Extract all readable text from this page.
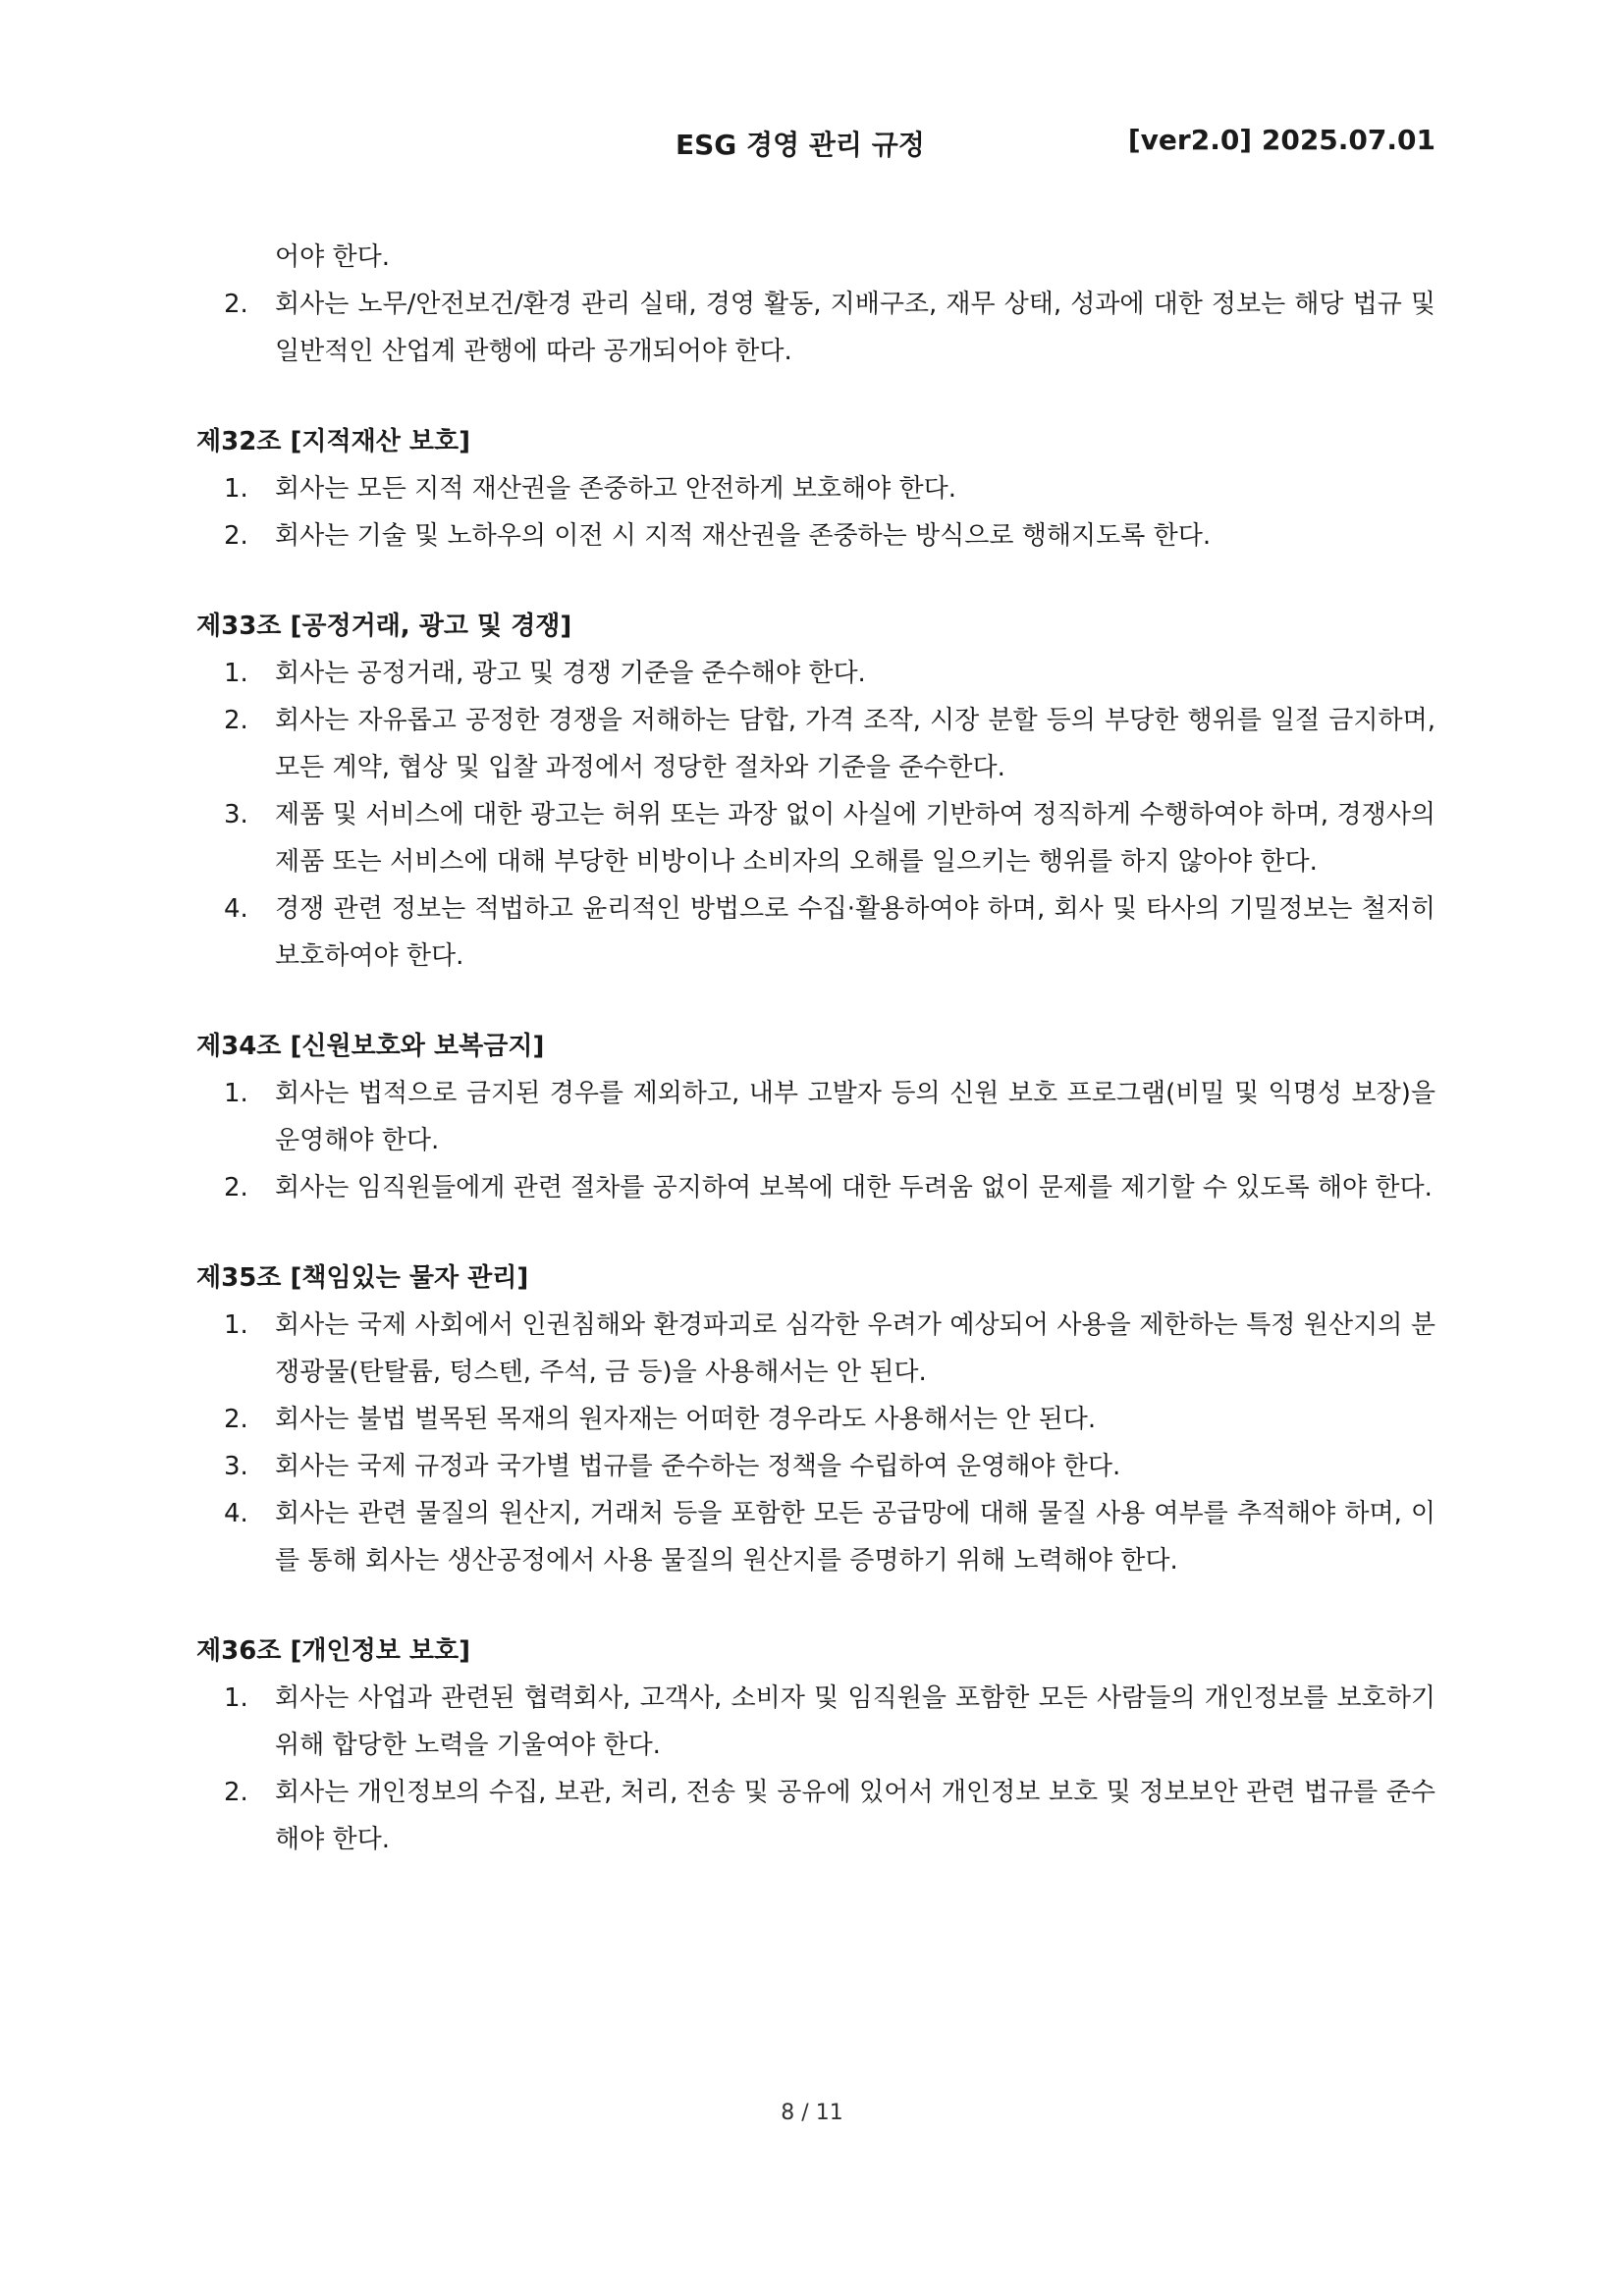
ESG 경영 관리 규정	[ver2.0] 2025.07.01
어야 한다.
2. 회사는 노무/안전보건/환경 관리 실태, 경영 활동, 지배구조, 재무 상태, 성과에 대한 정보는 해당 법규 및 일반적인 산업계 관행에 따라 공개되어야 한다.
제32조 [지적재산 보호]
1. 회사는 모든 지적 재산권을 존중하고 안전하게 보호해야 한다.
2. 회사는 기술 및 노하우의 이전 시 지적 재산권을 존중하는 방식으로 행해지도록 한다.
제33조 [공정거래, 광고 및 경쟁]
1. 회사는 공정거래, 광고 및 경쟁 기준을 준수해야 한다.
2. 회사는 자유롭고 공정한 경쟁을 저해하는 담합, 가격 조작, 시장 분할 등의 부당한 행위를 일절 금지하며, 모든 계약, 협상 및 입찰 과정에서 정당한 절차와 기준을 준수한다.
3. 제품 및 서비스에 대한 광고는 허위 또는 과장 없이 사실에 기반하여 정직하게 수행하여야 하며, 경쟁사의 제품 또는 서비스에 대해 부당한 비방이나 소비자의 오해를 일으키는 행위를 하지 않아야 한다.
4. 경쟁 관련 정보는 적법하고 윤리적인 방법으로 수집·활용하여야 하며, 회사 및 타사의 기밀정보는 철저히 보호하여야 한다.
제34조 [신원보호와 보복금지]
1. 회사는 법적으로 금지된 경우를 제외하고, 내부 고발자 등의 신원 보호 프로그램(비밀 및 익명성 보장)을 운영해야 한다.
2. 회사는 임직원들에게 관련 절차를 공지하여 보복에 대한 두려움 없이 문제를 제기할 수 있도록 해야 한다.
제35조 [책임있는 물자 관리]
1. 회사는 국제 사회에서 인권침해와 환경파괴로 심각한 우려가 예상되어 사용을 제한하는 특정 원산지의 분쟁광물(탄탈륨, 텅스텐, 주석, 금 등)을 사용해서는 안 된다.
2. 회사는 불법 벌목된 목재의 원자재는 어떠한 경우라도 사용해서는 안 된다.
3. 회사는 국제 규정과 국가별 법규를 준수하는 정책을 수립하여 운영해야 한다.
4. 회사는 관련 물질의 원산지, 거래처 등을 포함한 모든 공급망에 대해 물질 사용 여부를 추적해야 하며, 이를 통해 회사는 생산공정에서 사용 물질의 원산지를 증명하기 위해 노력해야 한다.
제36조 [개인정보 보호]
1. 회사는 사업과 관련된 협력회사, 고객사, 소비자 및 임직원을 포함한 모든 사람들의 개인정보를 보호하기 위해 합당한 노력을 기울여야 한다.
2. 회사는 개인정보의 수집, 보관, 처리, 전송 및 공유에 있어서 개인정보 보호 및 정보보안 관련 법규를 준수해야 한다.
8 / 11
